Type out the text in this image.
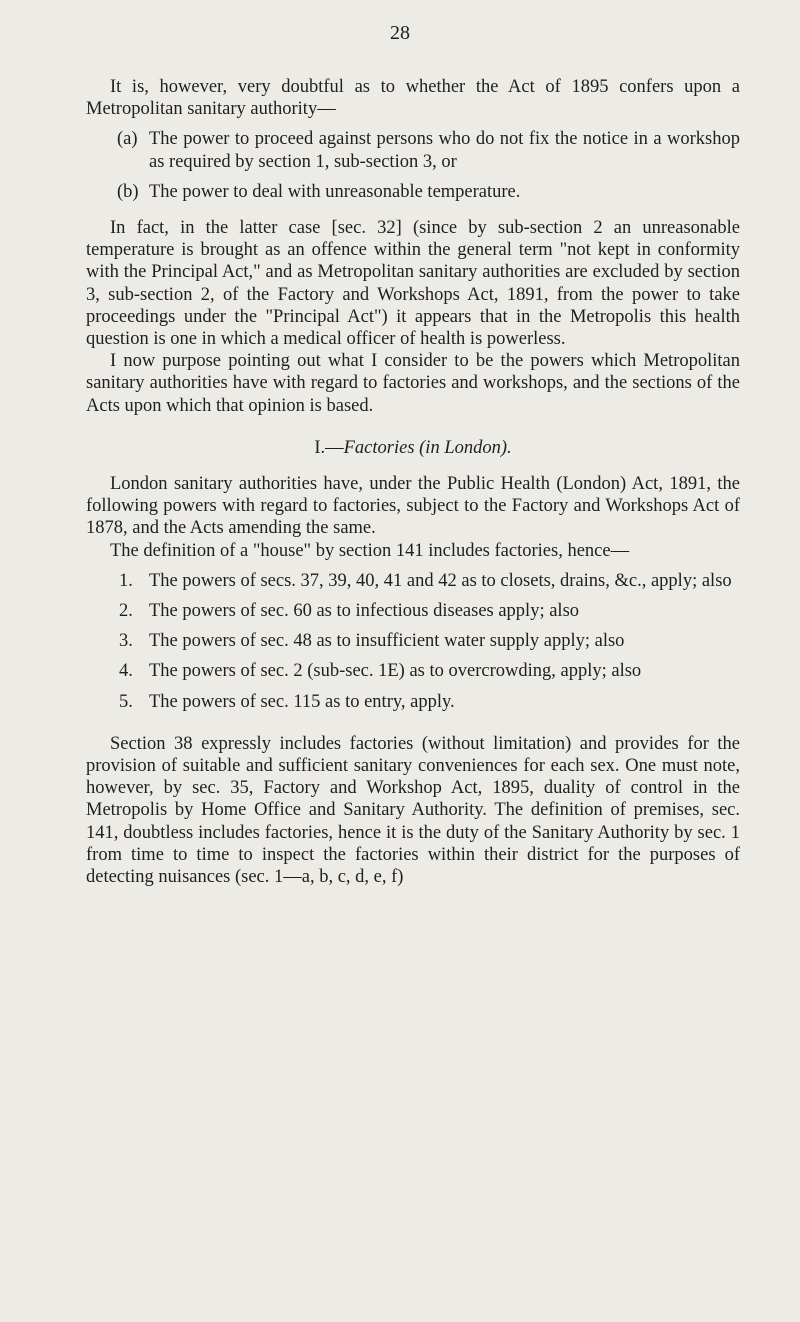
28

It is, however, very doubtful as to whether the Act of 1895 confers upon a Metropolitan sanitary authority—

(a) The power to proceed against persons who do not fix the notice in a workshop as required by section 1, sub-section 3, or
(b) The power to deal with unreasonable temperature.

In fact, in the latter case [sec. 32] (since by sub-section 2 an unreasonable temperature is brought as an offence within the general term "not kept in conformity with the Principal Act," and as Metropolitan sanitary authorities are excluded by section 3, sub-section 2, of the Factory and Workshops Act, 1891, from the power to take proceedings under the "Principal Act") it appears that in the Metropolis this health question is one in which a medical officer of health is powerless.

I now purpose pointing out what I consider to be the powers which Metropolitan sanitary authorities have with regard to factories and workshops, and the sections of the Acts upon which that opinion is based.

I.—Factories (in London).

London sanitary authorities have, under the Public Health (London) Act, 1891, the following powers with regard to factories, subject to the Factory and Workshops Act of 1878, and the Acts amending the same.

The definition of a "house" by section 141 includes factories, hence—

1. The powers of secs. 37, 39, 40, 41 and 42 as to closets, drains, &c., apply; also
2. The powers of sec. 60 as to infectious diseases apply; also
3. The powers of sec. 48 as to insufficient water supply apply; also
4. The powers of sec. 2 (sub-sec. 1E) as to overcrowding, apply; also
5. The powers of sec. 115 as to entry, apply.

Section 38 expressly includes factories (without limitation) and provides for the provision of suitable and sufficient sanitary conveniences for each sex. One must note, however, by sec. 35, Factory and Workshop Act, 1895, duality of control in the Metropolis by Home Office and Sanitary Authority. The definition of premises, sec. 141, doubtless includes factories, hence it is the duty of the Sanitary Authority by sec. 1 from time to time to inspect the factories within their district for the purposes of detecting nuisances (sec. 1—a, b, c, d, e, f)
